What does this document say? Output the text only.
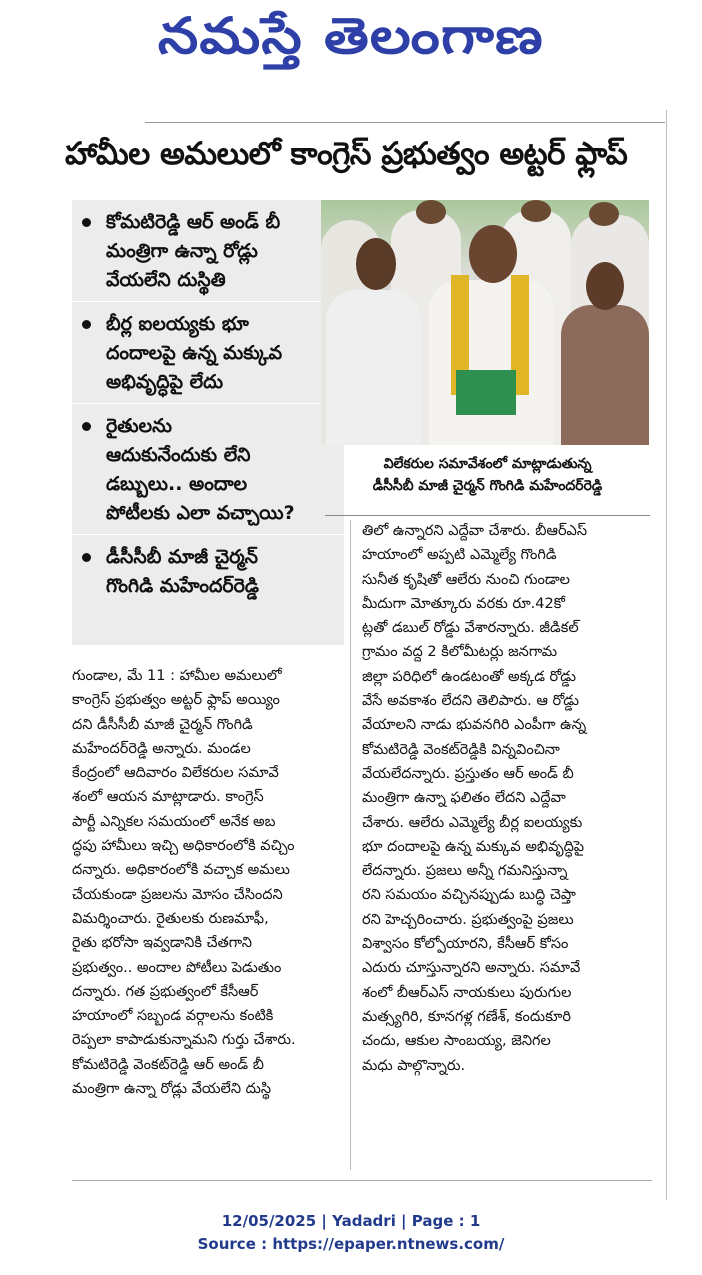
నమస్తే తెలంగాణ
హామీల అమలులో కాంగ్రెస్ ప్రభుత్వం అట్టర్ ఫ్లాప్
కోమటిరెడ్డి ఆర్ అండ్ బీ
మంత్రిగా ఉన్నా రోడ్లు
వేయలేని దుస్థితి
బీర్ల ఐలయ్యకు భూ
దందాలపై ఉన్న మక్కువ
అభివృద్ధిపై లేదు
రైతులను
ఆదుకునేందుకు లేని
డబ్బులు.. అందాల
పోటీలకు ఎలా వచ్చాయి?
డీసీసీబీ మాజీ చైర్మన్
గొంగిడి మహేందర్‌రెడ్డి
విలేకరుల సమావేశంలో మాట్లాడుతున్న
డీసీసీబీ మాజీ చైర్మన్ గొంగిడి మహేందర్‌రెడ్డి
గుండాల, మే 11 : హామీల అమలులో
కాంగ్రెస్ ప్రభుత్వం అట్టర్ ఫ్లాప్ అయ్యిం
దని డీసీసీబీ మాజీ చైర్మన్ గొంగిడి
మహేందర్‌రెడ్డి అన్నారు. మండల
కేంద్రంలో ఆదివారం విలేకరుల సమావే
శంలో ఆయన మాట్లాడారు. కాంగ్రెస్
పార్టీ ఎన్నికల సమయంలో అనేక అబ
ద్ధపు హామీలు ఇచ్చి అధికారంలోకి వచ్చిం
దన్నారు. అధికారంలోకి వచ్చాక అమలు
చేయకుండా ప్రజలను మోసం చేసిందని
విమర్శించారు. రైతులకు రుణమాఫీ,
రైతు భరోసా ఇవ్వడానికి చేతగాని
ప్రభుత్వం.. అందాల పోటీలు పెడుతుం
దన్నారు. గత ప్రభుత్వంలో కేసీఆర్
హయాంలో సబ్బండ వర్గాలను కంటికి
రెప్పలా కాపాడుకున్నామని గుర్తు చేశారు.
కోమటిరెడ్డి వెంకట్‌రెడ్డి ఆర్ అండ్ బీ
మంత్రిగా ఉన్నా రోడ్లు వేయలేని దుస్థి
తిలో ఉన్నారని ఎద్దేవా చేశారు. బీఆర్‌ఎస్
హయాంలో అప్పటి ఎమ్మెల్యే గొంగిడి
సునీత కృషితో ఆలేరు నుంచి గుండాల
మీదుగా మోత్కూరు వరకు రూ.42కో
ట్లతో డబుల్ రోడ్డు వేశారన్నారు. జీడికల్
గ్రామం వద్ద 2 కిలోమీటర్లు జనగామ
జిల్లా పరిధిలో ఉండటంతో అక్కడ రోడ్డు
వేసే అవకాశం లేదని తెలిపారు. ఆ రోడ్డు
వేయాలని నాడు భువనగిరి ఎంపీగా ఉన్న
కోమటిరెడ్డి వెంకట్‌రెడ్డికి విన్నవించినా
వేయలేదన్నారు. ప్రస్తుతం ఆర్ అండ్ బీ
మంత్రిగా ఉన్నా ఫలితం లేదని ఎద్దేవా
చేశారు. ఆలేరు ఎమ్మెల్యే బీర్ల ఐలయ్యకు
భూ దందాలపై ఉన్న మక్కువ అభివృద్ధిపై
లేదన్నారు. ప్రజలు అన్నీ గమనిస్తున్నా
రని సమయం వచ్చినప్పుడు బుద్ధి చెప్తా
రని హెచ్చరించారు. ప్రభుత్వంపై ప్రజలు
విశ్వాసం కోల్పోయారని, కేసీఆర్ కోసం
ఎదురు చూస్తున్నారని అన్నారు. సమావే
శంలో బీఆర్‌ఎస్ నాయకులు పురుగుల
మత్స్యగిరి, కూనగళ్ల గణేశ్, కందుకూరి
చందు, ఆకుల సాంబయ్య, జెనిగల
మధు పాల్గొన్నారు.
12/05/2025 | Yadadri | Page : 1
Source : https://epaper.ntnews.com/
